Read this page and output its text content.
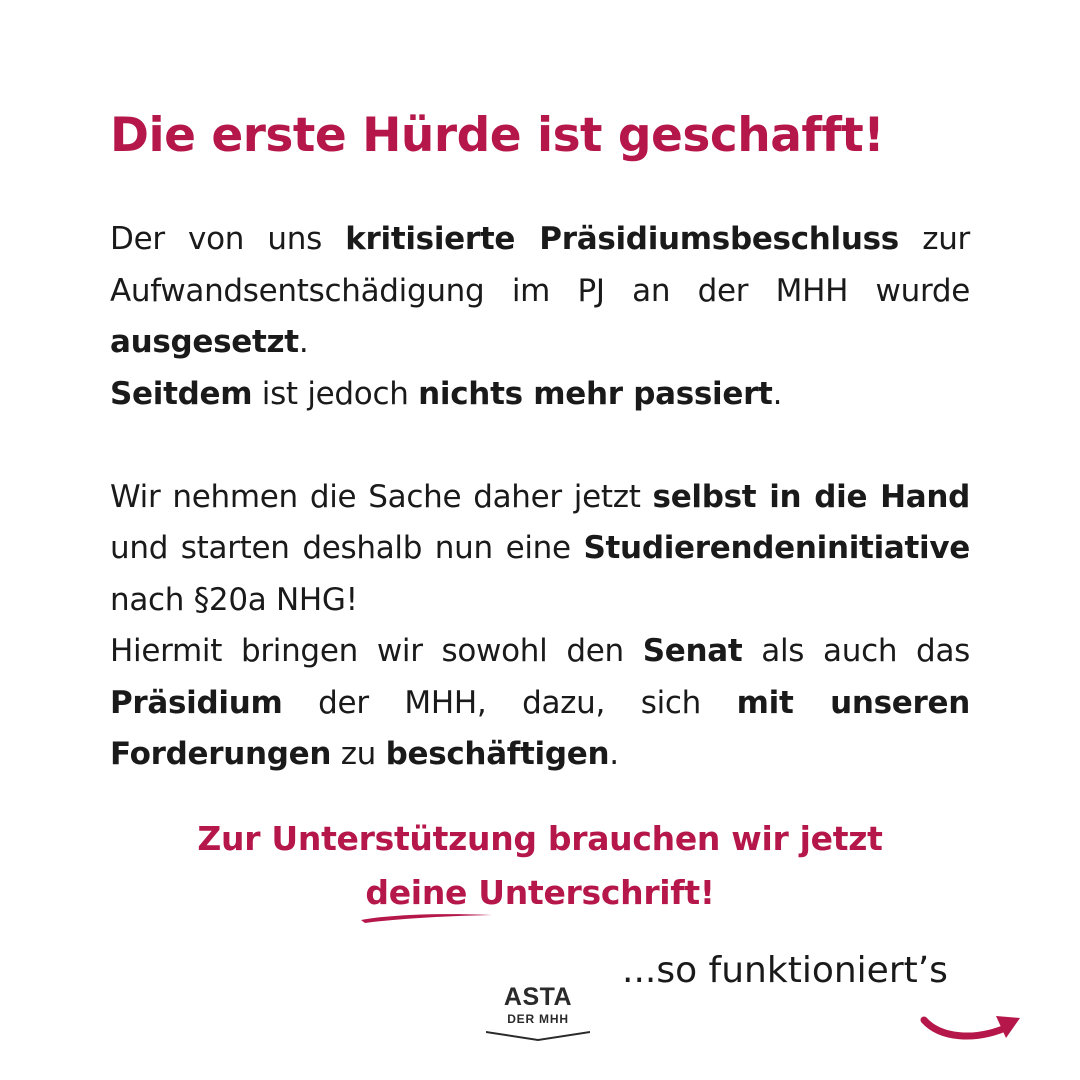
Die erste Hürde ist geschafft!

Der von uns kritisierte Präsidiumsbeschluss zur Aufwandsentschädigung im PJ an der MHH wurde ausgesetzt.

Seitdem ist jedoch nichts mehr passiert.

Wir nehmen die Sache daher jetzt selbst in die Hand und starten deshalb nun eine Studierendeninitiative nach §20a NHG!

Hiermit bringen wir sowohl den Senat als auch das Präsidium der MHH, dazu, sich mit unseren Forderungen zu beschäftigen.

Zur Unterstützung brauchen wir jetzt
deine
Unterschrift!
ASTA
DER MHH
...so funktioniert’s
